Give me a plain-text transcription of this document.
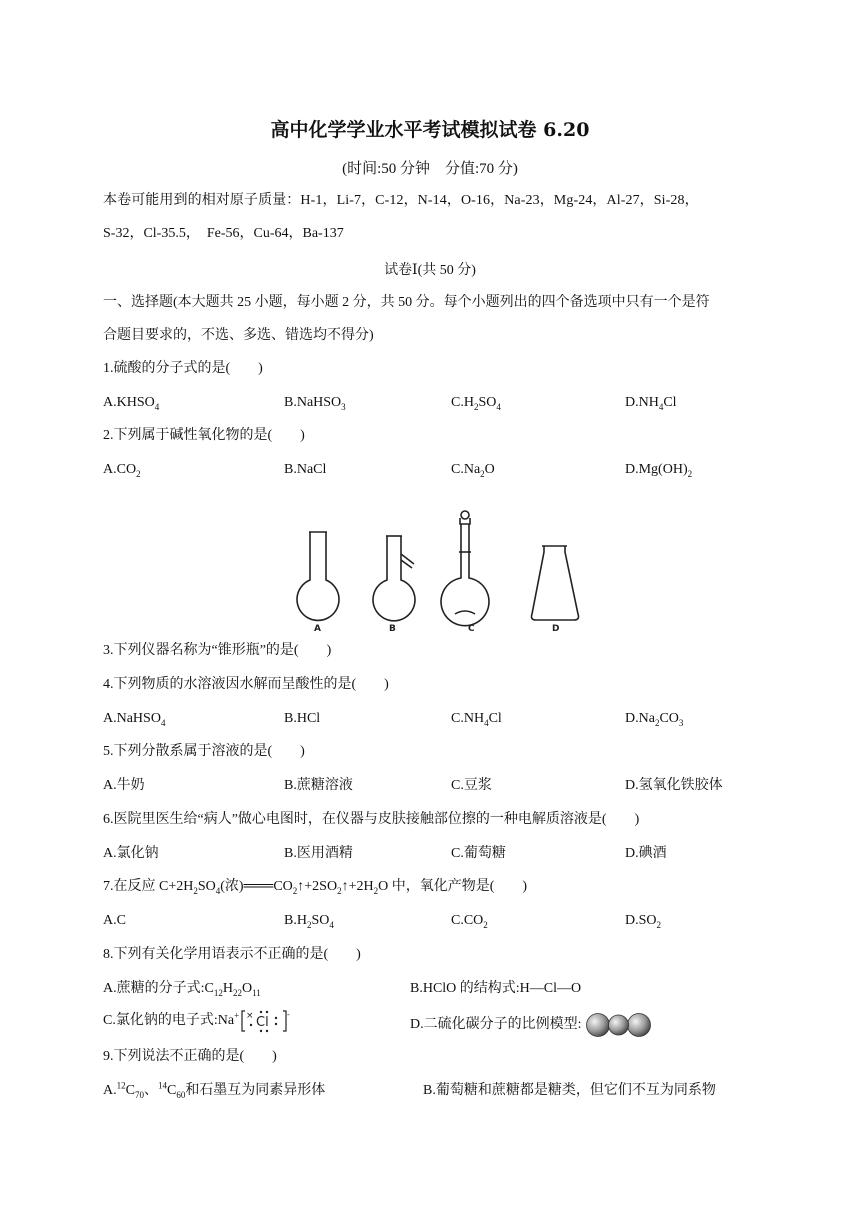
高中化学学业水平考试模拟试卷 6.20
(时间:50 分钟　分值:70 分)
本卷可能用到的相对原子质量：H-1，Li-7，C-12，N-14，O-16，Na-23，Mg-24，Al-27，Si-28，
S-32，Cl-35.5，　Fe-56，Cu-64，Ba-137
试卷Ⅰ(共 50 分)
一、选择题(本大题共 25 小题，每小题 2 分，共 50 分。每个小题列出的四个备选项中只有一个是符
合题目要求的，不选、多选、错选均不得分)
1.硫酸的分子式的是(　　)
$A.KHSO_4$	B.NaHSO$_3$	$C.H_2SO_4$	$D.NH_4Cl$
2.下列属于碱性氧化物的是(　　)
$A.CO_2$	B.NaCl	$C.Na_2O$	$D.Mg(OH)_2$
A	B	C	D
3.下列仪器名称为“锥形瓶”的是(　　)
4.下列物质的水溶液因水解而呈酸性的是(　　)
A.NaHSO$_4$	B.HCl	$C.NH_4Cl$	$D.Na_2CO_3$
5.下列分散系属于溶液的是(　　)
A.牛奶	B.蔗糖溶液	C.豆浆	D.氢氧化铁胶体
6.医院里医生给“病人”做心电图时，在仪器与皮肤接触部位擦的一种电解质溶液是(　　)
A.氯化钠	B.医用酒精	C.葡萄糖	D.碘酒
7.在反应 $C+2H_2SO_4$(浓)$═══CO_2↑+2SO_2↑+2H_2O$ 中，氧化产物是(　　)
A.C	$B.H_2SO_4$	$C.CO_2$	$D.SO_2$
8.下列有关化学用语表示不正确的是(　　)
A.蔗糖的分子式$:C_{12}H_{22}O_{11}$	B.HClO 的结构式:H—Cl—O
C.氯化钠的电子式:Na+ × Cl
-
D.二硫化碳分子的比例模型:
9.下列说法不正确的是(　　)
$A.^{12}C_{70}$、$^{14}C_{60}$和石墨互为同素异形体	B.葡萄糖和蔗糖都是糖类，但它们不互为同系物
